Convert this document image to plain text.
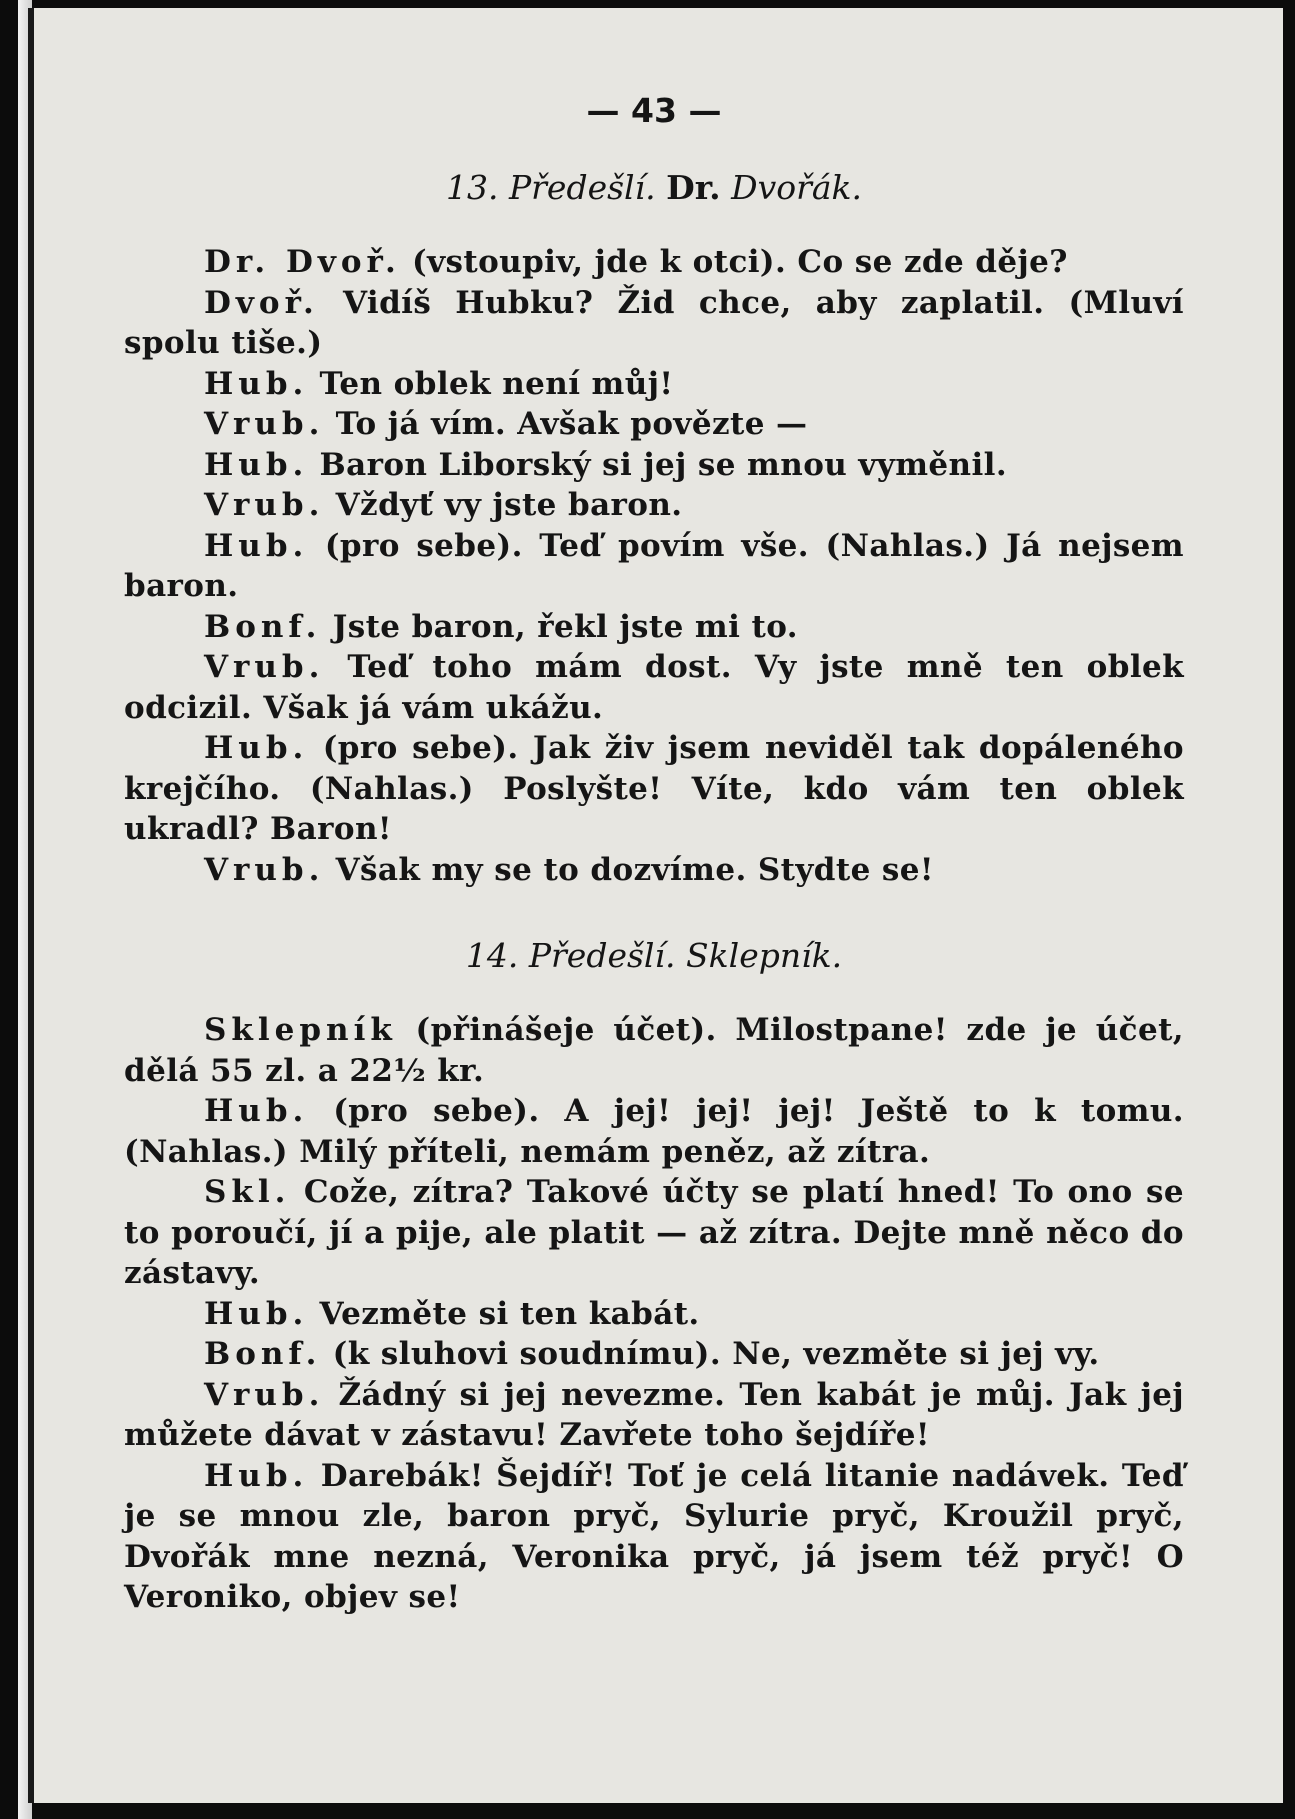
— 43 —
13. Předešlí. Dr. Dvořák.

Dr. Dvoř. (vstoupiv, jde k otci). Co se zde děje?

Dvoř. Vidíš Hubku? Žid chce, aby zaplatil. (Mluví spolu tiše.)

Hub. Ten oblek není můj!

Vrub. To já vím. Avšak povězte —

Hub. Baron Liborský si jej se mnou vyměnil.

Vrub. Vždyť vy jste baron.

Hub. (pro sebe). Teď povím vše. (Nahlas.) Já nejsem baron.

Bonf. Jste baron, řekl jste mi to.

Vrub. Teď toho mám dost. Vy jste mně ten oblek odcizil. Však já vám ukážu.

Hub. (pro sebe). Jak živ jsem neviděl tak dopáleného krejčího. (Nahlas.) Poslyšte! Víte, kdo vám ten oblek ukradl? Baron!

Vrub. Však my se to dozvíme. Stydte se!

14. Předešlí. Sklepník.

Sklepník (přinášeje účet). Milostpane! zde je účet, dělá 55 zl. a 22½ kr.

Hub. (pro sebe). A jej! jej! jej! Ještě to k tomu. (Nahlas.) Milý příteli, nemám peněz, až zítra.

Skl. Cože, zítra? Takové účty se platí hned! To ono se to poroučí, jí a pije, ale platit — až zítra. Dejte mně něco do zástavy.

Hub. Vezměte si ten kabát.

Bonf. (k sluhovi soudnímu). Ne, vezměte si jej vy.

Vrub. Žádný si jej nevezme. Ten kabát je můj. Jak jej můžete dávat v zástavu! Zavřete toho šejdíře!

Hub. Darebák! Šejdíř! Toť je celá litanie nadávek. Teď je se mnou zle, baron pryč, Sylurie pryč, Kroužil pryč, Dvořák mne nezná, Veronika pryč, já jsem též pryč! O Veroniko, objev se!
